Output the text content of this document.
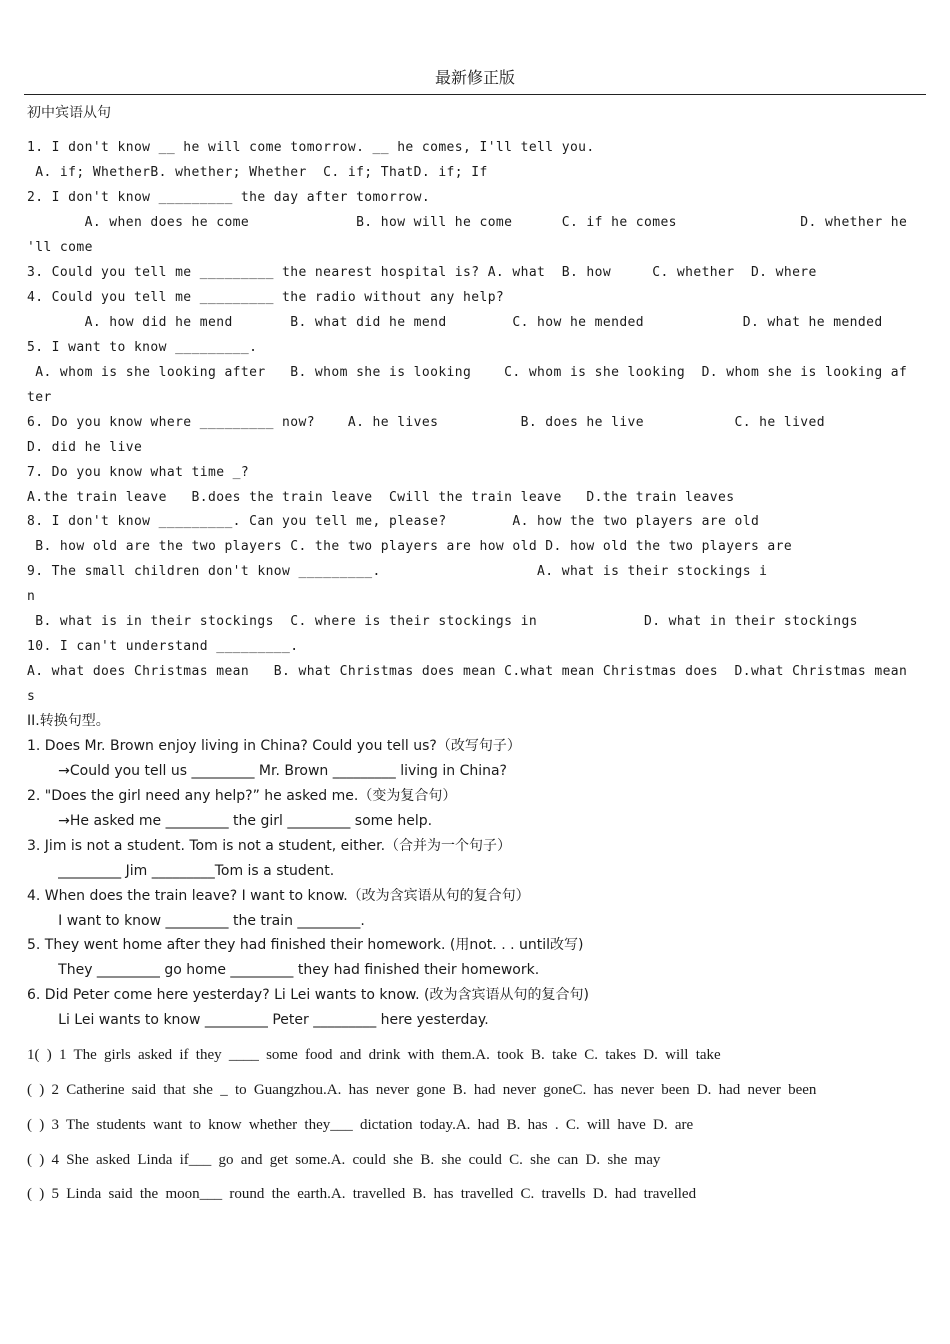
最新修正版
初中宾语从句
1. I don't know __ he will come tomorrow. __ he comes, I'll tell you.
A. if; WhetherB. whether; Whether  C. if; ThatD. if; If
2. I don't know _________ the day after tomorrow.
A. when does he come             B. how will he come      C. if he comes               D. whether he
'll come
3. Could you tell me _________ the nearest hospital is? A. what  B. how     C. whether  D. where
4. Could you tell me _________ the radio without any help?
A. how did he mend       B. what did he mend        C. how he mended            D. what he mended
5. I want to know _________.
A. whom is she looking after   B. whom she is looking    C. whom is she looking  D. whom she is looking af
ter
6. Do you know where _________ now?    A. he lives          B. does he live           C. he lived
D. did he live
7. Do you know what time _?
A.the train leave   B.does the train leave  Cwill the train leave   D.the train leaves
8. I don't know _________. Can you tell me, please?        A. how the two players are old
B. how old are the two players C. the two players are how old D. how old the two players are
9. The small children don't know _________.                   A. what is their stockings i
n
B. what is in their stockings  C. where is their stockings in             D. what in their stockings
10. I can't understand _________.
A. what does Christmas mean   B. what Christmas does mean C.what mean Christmas does  D.what Christmas mean
s
II.转换句型。
1. Does Mr. Brown enjoy living in China? Could you tell us?（改写句子）
→Could you tell us _________ Mr. Brown _________ living in China?
2. "Does the girl need any help?” he asked me.（变为复合句）
→He asked me _________ the girl _________ some help.
3. Jim is not a student. Tom is not a student, either.（合并为一个句子）
_________ Jim _________Tom is a student.
4. When does the train leave? I want to know.（改为含宾语从句的复合句）
I want to know _________ the train _________.
5. They went home after they had finished their homework. (用not. . . until改写)
They _________ go home _________ they had finished their homework.
6. Did Peter come here yesterday? Li Lei wants to know. (改为含宾语从句的复合句)
Li Lei wants to know _________ Peter _________ here yesterday.
1( ) 1 The girls asked if they ____ some food and drink with them.A. took B. take C. takes D. will take
( ) 2 Catherine said that she _ to Guangzhou.A. has never gone B. had never goneC. has never been D. had never been
( ) 3 The students want to know whether they___ dictation today.A. had B. has . C. will have D. are
( ) 4 She asked Linda if___ go and get some.A. could she B. she could C. she can D. she may
( ) 5 Linda said the moon___ round the earth.A. travelled B. has travelled C. travells D. had travelled
